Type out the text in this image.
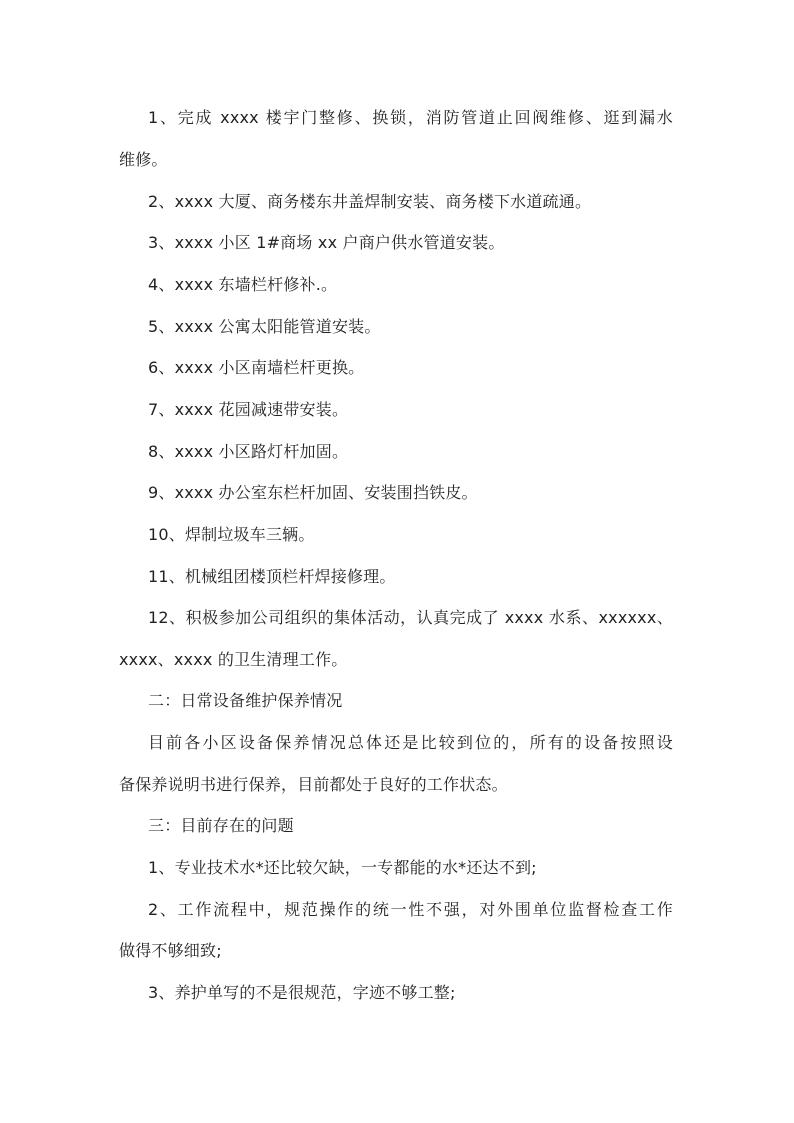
1、完成 xxxx 楼宇门整修、换锁，消防管道止回阀维修、逛到漏水
维修。
2、xxxx 大厦、商务楼东井盖焊制安装、商务楼下水道疏通。
3、xxxx 小区 1#商场 xx 户商户供水管道安装。
4、xxxx 东墙栏杆修补.。
5、xxxx 公寓太阳能管道安装。
6、xxxx 小区南墙栏杆更换。
7、xxxx 花园减速带安装。
8、xxxx 小区路灯杆加固。
9、xxxx 办公室东栏杆加固、安装围挡铁皮。
10、焊制垃圾车三辆。
11、机械组团楼顶栏杆焊接修理。
12、积极参加公司组织的集体活动，认真完成了 xxxx 水系、xxxxxx、
xxxx、xxxx 的卫生清理工作。
二：日常设备维护保养情况
目前各小区设备保养情况总体还是比较到位的，所有的设备按照设
备保养说明书进行保养，目前都处于良好的工作状态。
三：目前存在的问题
1、专业技术水*还比较欠缺，一专都能的水*还达不到;
2、工作流程中，规范操作的统一性不强，对外围单位监督检查工作
做得不够细致;
3、养护单写的不是很规范，字迹不够工整;
